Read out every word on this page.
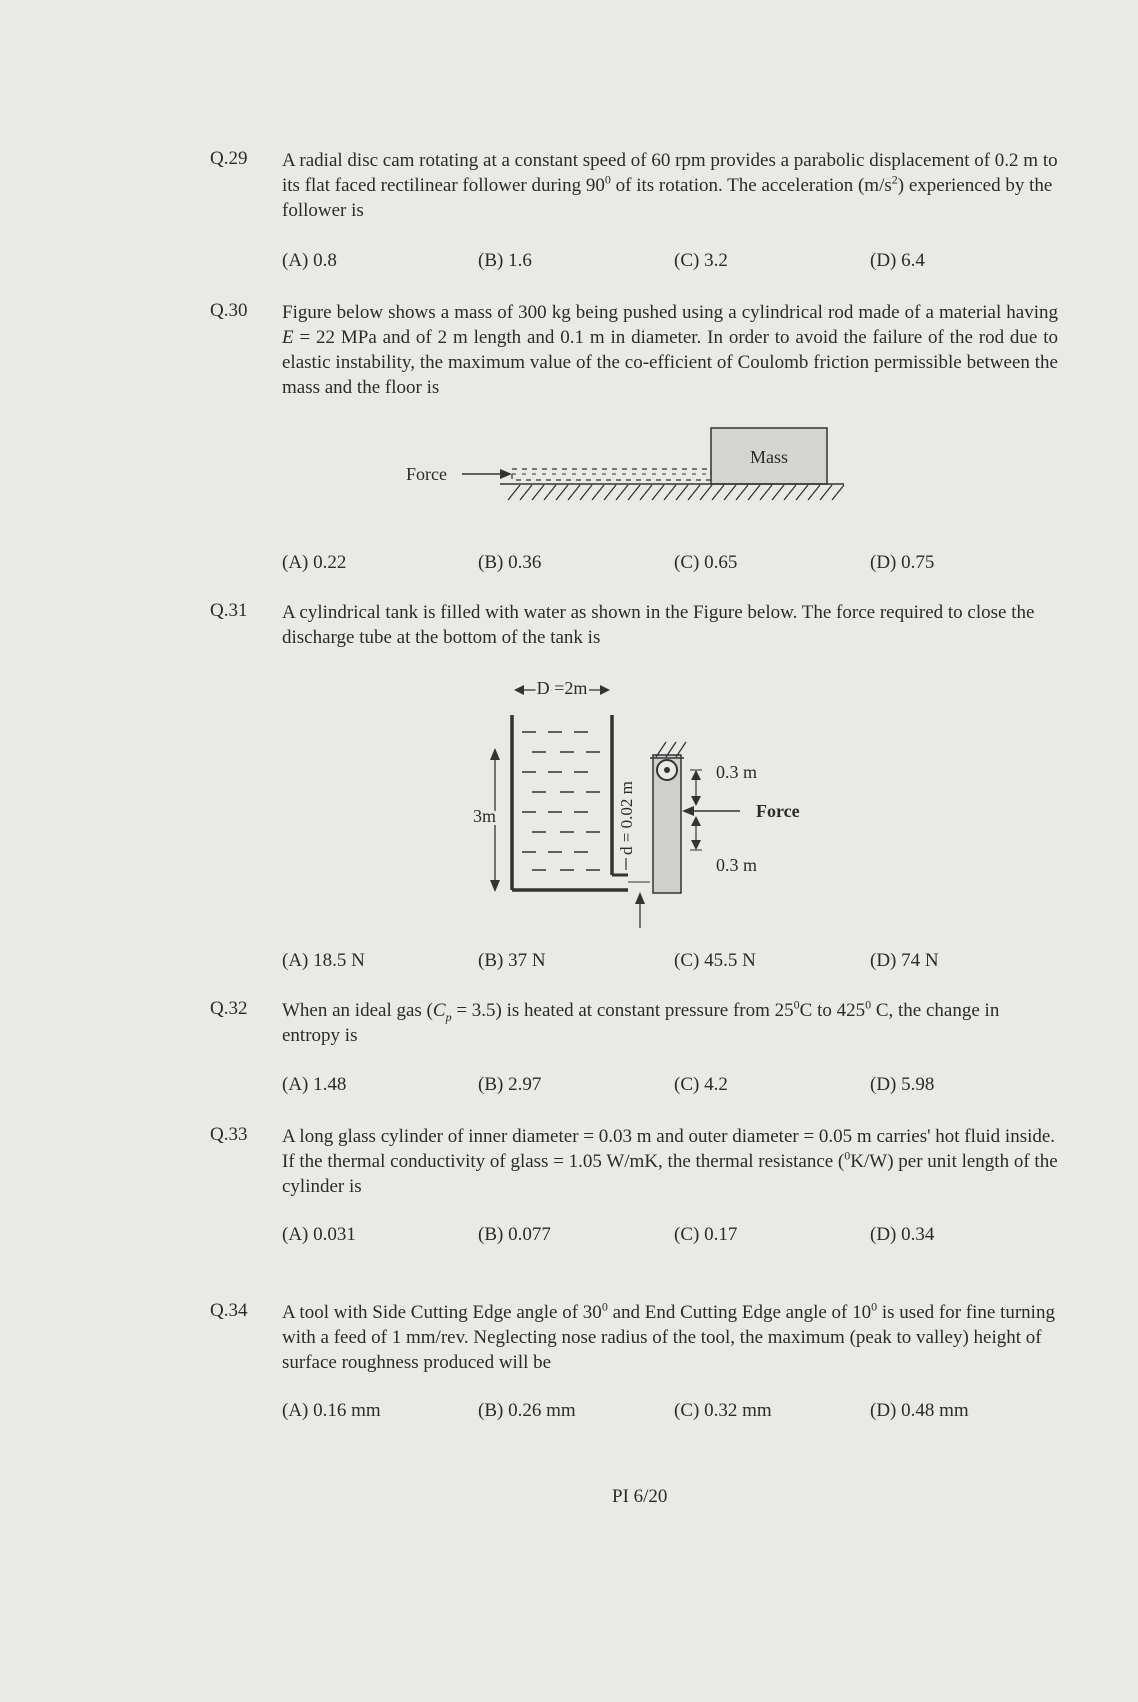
Q.29 A radial disc cam rotating at a constant speed of 60 rpm provides a parabolic displacement of 0.2 m to its flat faced rectilinear follower during $90^0$ of its rotation. The acceleration $(m/s^2)$ experienced by the follower is
(A) 0.8	(B) 1.6	(C) 3.2	(D) 6.4
Q.30 Figure below shows a mass of 300 kg being pushed using a cylindrical rod made of a material having E = 22 MPa and of 2 m length and 0.1 m in diameter. In order to avoid the failure of the rod due to elastic instability, the maximum value of the co-efficient of Coulomb friction permissible between the mass and the floor is
(A) 0.22	(B) 0.36	(C) 0.65	(D) 0.75
Mass
Force
Q.31 A cylindrical tank is filled with water as shown in the Figure below. The force required to close the discharge tube at the bottom of the tank is
(A) 18.5 N	(B) 37 N	(C) 45.5 N	(D) 74 N
D =2m
3m	d = 0.02 m
0.3 m
0.3 m
Force
Q.32 When an ideal gas $(C_p = 3.5)$ is heated at constant pressure from $25^0C$ to $425^0$ C, the change in entropy is
(A) 1.48	(B) 2.97	(C) 4.2	(D) 5.98
Q.33 A long glass cylinder of inner diameter = 0.03 m and outer diameter = 0.05 m carries' hot fluid inside. If the thermal conductivity of glass = 1.05 W/mK, the thermal resistance ($^0$K/W) per unit length of the cylinder is
(A) 0.031	(B) 0.077	(C) 0.17	(D) 0.34
Q.34 A tool with Side Cutting Edge angle of $30^0$ and End Cutting Edge angle of $10^0$ is used for fine turning with a feed of 1 mm/rev. Neglecting nose radius of the tool, the maximum (peak to valley) height of surface roughness produced will be
(A) 0.16 mm	(B) 0.26 mm	(C) 0.32 mm	(D) 0.48 mm
PI 6/20
